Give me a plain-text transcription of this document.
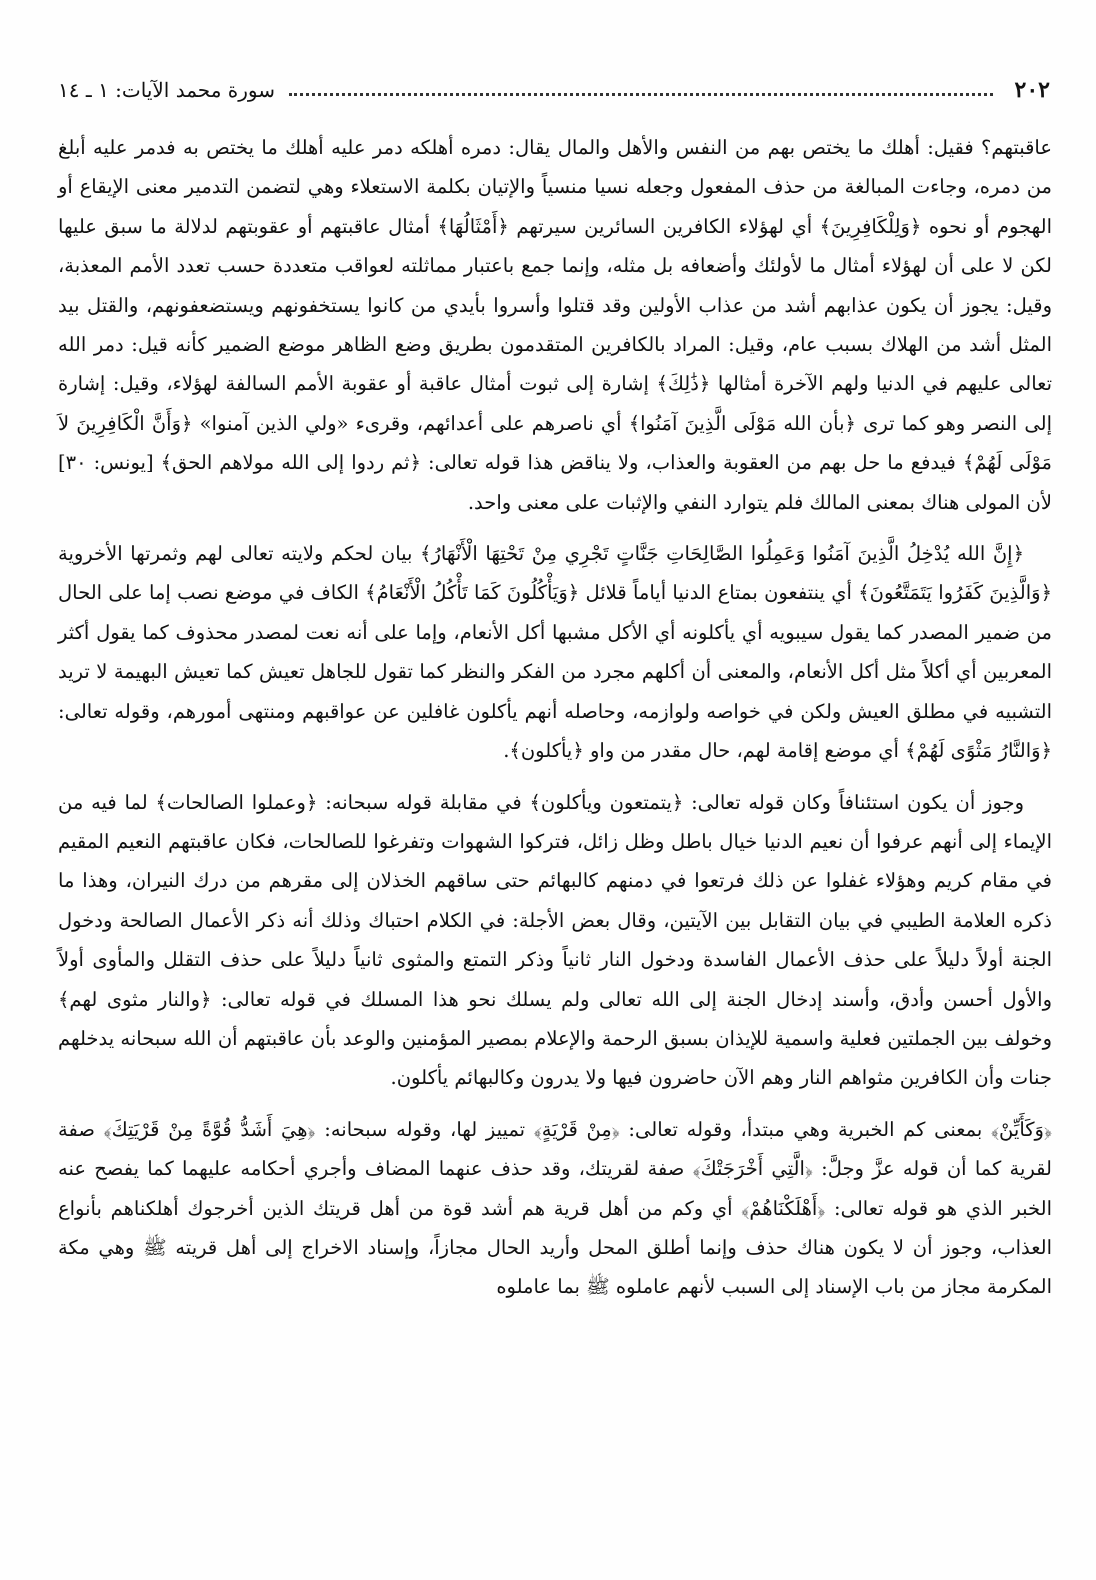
٢٠٢
سورة محمد الآيات: ١ ـ ١٤

عاقبتهم؟ فقيل: أهلك ما يختص بهم من النفس والأهل والمال يقال: دمره أهلكه دمر عليه أهلك ما يختص به فدمر عليه أبلغ من دمره، وجاءت المبالغة من حذف المفعول وجعله نسيا منسياً والإتيان بكلمة الاستعلاء وهي لتضمن التدمير معنى الإيقاع أو الهجوم أو نحوه ﴿وَلِلْكَافِرِينَ﴾ أي لهؤلاء الكافرين السائرين سيرتهم ﴿أَمْثَالُهَا﴾ أمثال عاقبتهم أو عقوبتهم لدلالة ما سبق عليها لكن لا على أن لهؤلاء أمثال ما لأولئك وأضعافه بل مثله، وإنما جمع باعتبار مماثلته لعواقب متعددة حسب تعدد الأمم المعذبة، وقيل: يجوز أن يكون عذابهم أشد من عذاب الأولين وقد قتلوا وأسروا بأيدي من كانوا يستخفونهم ويستضعفونهم، والقتل بيد المثل أشد من الهلاك بسبب عام، وقيل: المراد بالكافرين المتقدمون بطريق وضع الظاهر موضع الضمير كأنه قيل: دمر الله تعالى عليهم في الدنيا ولهم الآخرة أمثالها ﴿ذَٰلِكَ﴾ إشارة إلى ثبوت أمثال عاقبة أو عقوبة الأمم السالفة لهؤلاء، وقيل: إشارة إلى النصر وهو كما ترى ﴿بأن الله مَوْلَى الَّذِينَ آمَنُوا﴾ أي ناصرهم على أعدائهم، وقرىء «ولي الذين آمنوا» ﴿وَأَنَّ الْكَافِرِينَ لاَ مَوْلَى لَهُمْ﴾ فيدفع ما حل بهم من العقوبة والعذاب، ولا يناقض هذا قوله تعالى: ﴿ثم ردوا إلى الله مولاهم الحق﴾ [يونس: ٣٠] لأن المولى هناك بمعنى المالك فلم يتوارد النفي والإثبات على معنى واحد.

﴿إِنَّ الله يُدْخِلُ الَّذِينَ آمَنُوا وَعَمِلُوا الصَّالِحَاتِ جَنَّاتٍ تَجْرِي مِنْ تَحْتِهَا الْأَنْهَارُ﴾ بيان لحكم ولايته تعالى لهم وثمرتها الأخروية ﴿وَالَّذِينَ كَفَرُوا يَتَمَتَّعُونَ﴾ أي ينتفعون بمتاع الدنيا أياماً قلائل ﴿وَيَأْكُلُونَ كَمَا تَأْكُلُ الْأَنْعَامُ﴾ الكاف في موضع نصب إما على الحال من ضمير المصدر كما يقول سيبويه أي يأكلونه أي الأكل مشبها أكل الأنعام، وإما على أنه نعت لمصدر محذوف كما يقول أكثر المعربين أي أكلاً مثل أكل الأنعام، والمعنى أن أكلهم مجرد من الفكر والنظر كما تقول للجاهل تعيش كما تعيش البهيمة لا تريد التشبيه في مطلق العيش ولكن في خواصه ولوازمه، وحاصله أنهم يأكلون غافلين عن عواقبهم ومنتهى أمورهم، وقوله تعالى: ﴿وَالنَّارُ مَثْوًى لَهُمْ﴾ أي موضع إقامة لهم، حال مقدر من واو ﴿يأكلون﴾.

وجوز أن يكون استئنافاً وكان قوله تعالى: ﴿يتمتعون ويأكلون﴾ في مقابلة قوله سبحانه: ﴿وعملوا الصالحات﴾ لما فيه من الإيماء إلى أنهم عرفوا أن نعيم الدنيا خيال باطل وظل زائل، فتركوا الشهوات وتفرغوا للصالحات، فكان عاقبتهم النعيم المقيم في مقام كريم وهؤلاء غفلوا عن ذلك فرتعوا في دمنهم كالبهائم حتى ساقهم الخذلان إلى مقرهم من درك النيران، وهذا ما ذكره العلامة الطيبي في بيان التقابل بين الآيتين، وقال بعض الأجلة: في الكلام احتباك وذلك أنه ذكر الأعمال الصالحة ودخول الجنة أولاً دليلاً على حذف الأعمال الفاسدة ودخول النار ثانياً وذكر التمتع والمثوى ثانياً دليلاً على حذف التقلل والمأوى أولاً والأول أحسن وأدق، وأسند إدخال الجنة إلى الله تعالى ولم يسلك نحو هذا المسلك في قوله تعالى: ﴿والنار مثوى لهم﴾ وخولف بين الجملتين فعلية واسمية للإيذان بسبق الرحمة والإعلام بمصير المؤمنين والوعد بأن عاقبتهم أن الله سبحانه يدخلهم جنات وأن الكافرين مثواهم النار وهم الآن حاضرون فيها ولا يدرون وكالبهائم يأكلون.

﴿وَكَأَيِّنْ﴾ بمعنى كم الخبرية وهي مبتدأ، وقوله تعالى: ﴿مِنْ قَرْيَةٍ﴾ تمييز لها، وقوله سبحانه: ﴿هِيَ أَشَدُّ قُوَّةً مِنْ قَرْيَتِكَ﴾ صفة لقرية كما أن قوله عزَّ وجلَّ: ﴿الَّتِي أَخْرَجَتْكَ﴾ صفة لقريتك، وقد حذف عنهما المضاف وأجري أحكامه عليهما كما يفصح عنه الخبر الذي هو قوله تعالى: ﴿أَهْلَكْنَاهُمْ﴾ أي وكم من أهل قرية هم أشد قوة من أهل قريتك الذين أخرجوك أهلكناهم بأنواع العذاب، وجوز أن لا يكون هناك حذف وإنما أطلق المحل وأريد الحال مجازاً، وإسناد الاخراج إلى أهل قريته ﷺ وهي مكة المكرمة مجاز من باب الإسناد إلى السبب لأنهم عاملوه ﷺ بما عاملوه
